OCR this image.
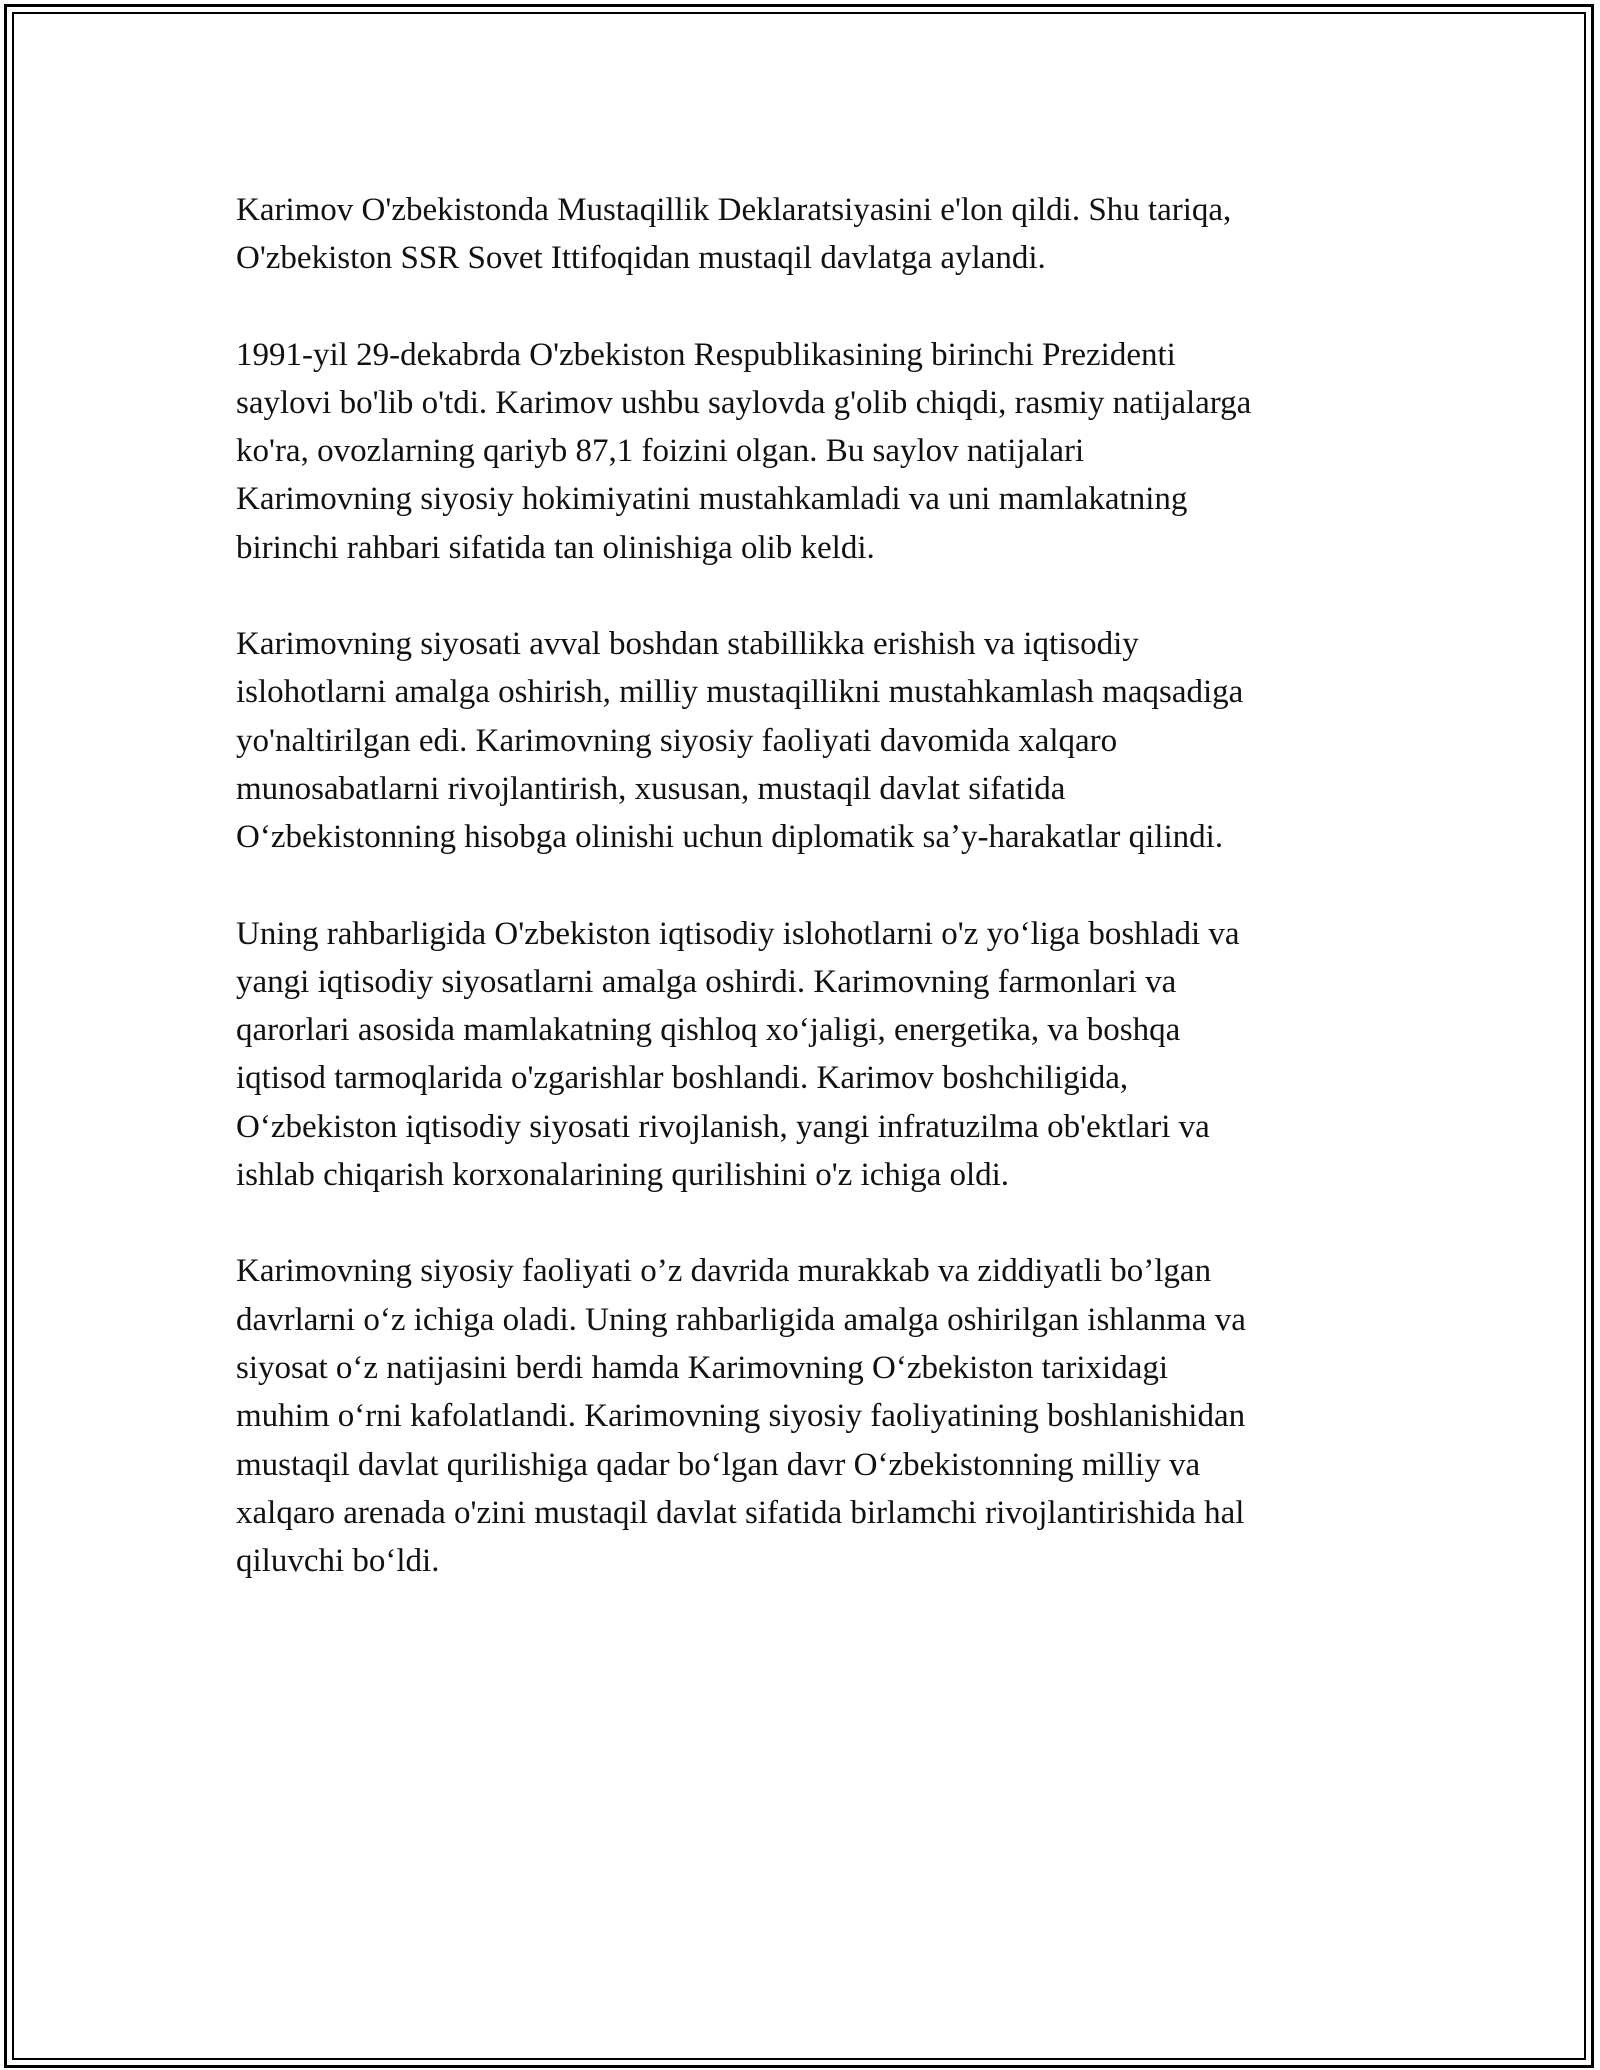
Karimov O'zbekistonda Mustaqillik Deklaratsiyasini e'lon qildi. Shu tariqa,
O'zbekiston SSR Sovet Ittifoqidan mustaqil davlatga aylandi.

1991-yil 29-dekabrda O'zbekiston Respublikasining birinchi Prezidenti
saylovi bo'lib o'tdi. Karimov ushbu saylovda g'olib chiqdi, rasmiy natijalarga
ko'ra, ovozlarning qariyb 87,1 foizini olgan. Bu saylov natijalari
Karimovning siyosiy hokimiyatini mustahkamladi va uni mamlakatning
birinchi rahbari sifatida tan olinishiga olib keldi.

Karimovning siyosati avval boshdan stabillikka erishish va iqtisodiy
islohotlarni amalga oshirish, milliy mustaqillikni mustahkamlash maqsadiga
yo'naltirilgan edi. Karimovning siyosiy faoliyati davomida xalqaro
munosabatlarni rivojlantirish, xususan, mustaqil davlat sifatida
Oʻzbekistonning hisobga olinishi uchun diplomatik saʼy-harakatlar qilindi.

Uning rahbarligida O'zbekiston iqtisodiy islohotlarni o'z yoʻliga boshladi va
yangi iqtisodiy siyosatlarni amalga oshirdi. Karimovning farmonlari va
qarorlari asosida mamlakatning qishloq xoʻjaligi, energetika, va boshqa
iqtisod tarmoqlarida o'zgarishlar boshlandi. Karimov boshchiligida,
Oʻzbekiston iqtisodiy siyosati rivojlanish, yangi infratuzilma ob'ektlari va
ishlab chiqarish korxonalarining qurilishini o'z ichiga oldi.

Karimovning siyosiy faoliyati o’z davrida murakkab va ziddiyatli bo’lgan
davrlarni oʻz ichiga oladi. Uning rahbarligida amalga oshirilgan ishlanma va
siyosat oʻz natijasini berdi hamda Karimovning Oʻzbekiston tarixidagi
muhim oʻrni kafolatlandi. Karimovning siyosiy faoliyatining boshlanishidan
mustaqil davlat qurilishiga qadar boʻlgan davr Oʻzbekistonning milliy va
xalqaro arenada o'zini mustaqil davlat sifatida birlamchi rivojlantirishida hal
qiluvchi boʻldi.
